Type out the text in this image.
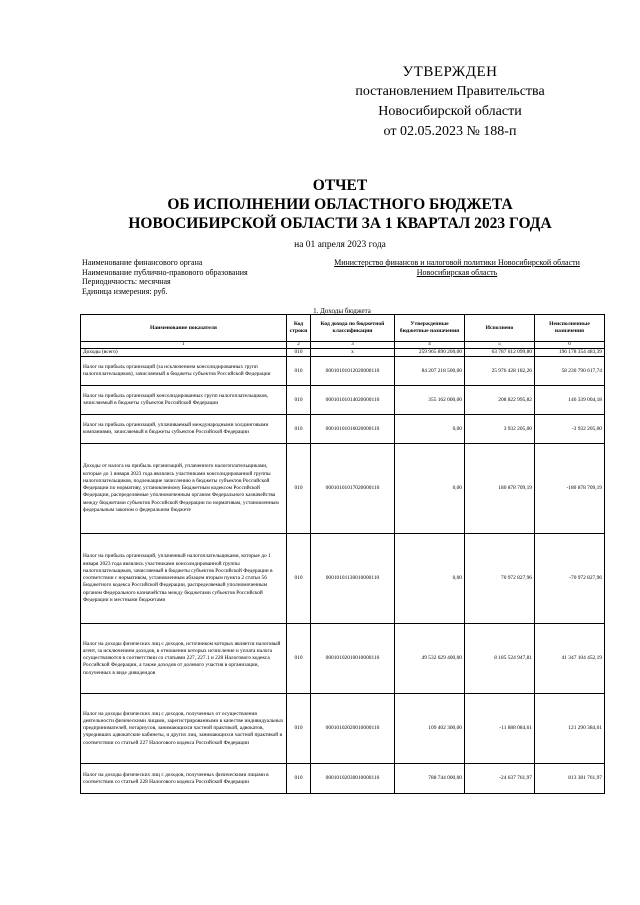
УТВЕРЖДЕН
постановлением Правительства
Новосибирской области
от 02.05.2023 № 188-п
ОТЧЕТ
ОБ ИСПОЛНЕНИИ ОБЛАСТНОГО БЮДЖЕТА
НОВОСИБИРСКОЙ ОБЛАСТИ ЗА 1 КВАРТАЛ 2023 ГОДА
на 01 апреля 2023 года
Наименование финансового органа	Министерство финансов и налоговой политики Новосибирской области
Наименование публично-правового образования	Новосибирская область
Периодичность: месячная
Единица измерения: руб.
1. Доходы бюджета
Наименование показателя	Код строки	Код дохода по бюджетной классификации	Утвержденные бюджетные назначения	Исполнено	Неисполненные назначения
1	2	3	4	5	6
Доходы (всего)	010	x	259 965 890 200,00	63 787 612 099,80	196 178 354 483,39
Налог на прибыль организаций (за исключением консолидированных групп налогоплательщиков), зачисляемый в бюджеты субъектов Российской Федерации	010	00010101012020000110	84 207 218 500,00	25 976 428 182,26	58 230 790 617,74
Налог на прибыль организаций консолидированных групп налогоплательщиков, зачисляемый в бюджеты субъектов Российской Федерации	010	00010101014020000110	355 162 000,00	208 822 995,82	146 339 004,18
Налог на прибыль организаций, уплачиваемый международными холдинговыми компаниями, зачисляемый в бюджеты субъектов Российской Федерации	010	00010101016020000110	0,00	3 932 205,00	-3 932 205,00
Доходы от налога на прибыль организаций, уплаченного налогоплательщиками, которые до 1 января 2023 года являлись участниками консолидированной группы налогоплательщиков, подлежащие зачислению в бюджеты субъектов Российской Федерации по нормативу, установленному Бюджетным кодексом Российской Федерации, распределяемые уполномоченным органом Федерального казначейства между бюджетами субъектов Российской Федерации по нормативам, установленным федеральным законом о федеральном бюджете	010	00010101017020000110	0,00	180 878 709,19	-180 878 709,19
Налог на прибыль организаций, уплаченный налогоплательщиками, которые до 1 января 2023 года являлись участниками консолидированной группы налогоплательщиков, зачисляемый в бюджеты субъектов Российской Федерации в соответствии с нормативом, установленным абзацем вторым пункта 2 статьи 56 Бюджетного кодекса Российской Федерации, распределяемый уполномоченным органом Федерального казначейства между бюджетами субъектов Российской Федерации и местными бюджетами	010	00010101130010000110	0,00	70 972 827,96	-70 972 827,96
Налог на доходы физических лиц с доходов, источником которых является налоговый агент, за исключением доходов, в отношении которых исчисление и уплата налога осуществляются в соответствии со статьями 227, 227.1 и 228 Налогового кодекса Российской Федерации, а также доходов от долевого участия в организации, полученных в виде дивидендов	010	00010102010010000110	49 532 629 400,00	8 185 524 947,81	41 347 104 452,19
Налог на доходы физических лиц с доходов, полученных от осуществления деятельности физическими лицами, зарегистрированными в качестве индивидуальных предпринимателей, нотариусов, занимающихся частной практикой, адвокатов, учредивших адвокатские кабинеты, и других лиц, занимающихся частной практикой в соответствии со статьей 227 Налогового кодекса Российской Федерации	010	00010102020010000110	109 402 300,00	-11 888 084,61	121 290 384,61
Налог на доходы физических лиц с доходов, полученных физическими лицами в соответствии со статьей 228 Налогового кодекса Российской Федерации	010	00010102030010000110	788 744 000,00	-24 637 761,97	813 381 761,97
